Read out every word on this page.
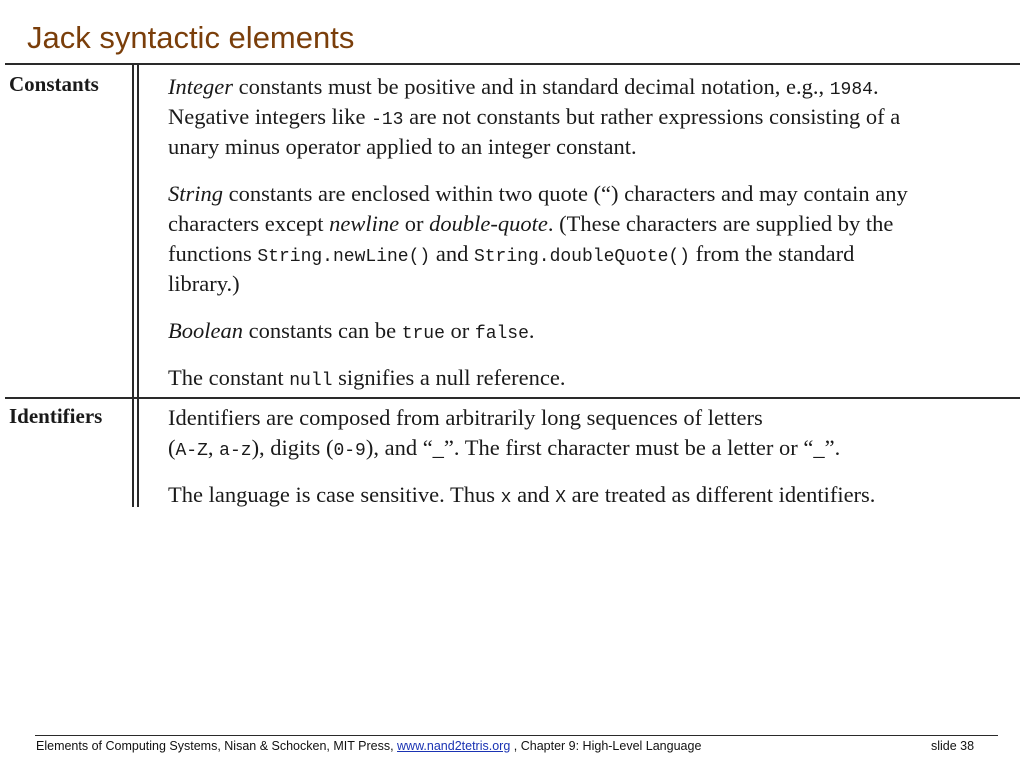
Jack syntactic elements
Constants	Integer constants must be positive and in standard decimal notation, e.g., 1984.
Negative integers like -13 are not constants but rather expressions consisting of a
unary minus operator applied to an integer constant.
String constants are enclosed within two quote (“) characters and may contain any
characters except newline or double-quote. (These characters are supplied by the
functions String.newLine() and String.doubleQuote() from the standard
library.)
Boolean constants can be true or false.
The constant null signifies a null reference.
Identifiers	Identifiers are composed from arbitrarily long sequences of letters
(A-Z, a-z), digits (0-9), and “_”. The first character must be a letter or “_”.
The language is case sensitive. Thus x and X are treated as different identifiers.
Elements of Computing Systems, Nisan & Schocken, MIT Press, www.nand2tetris.org , Chapter 9: High-Level Language	slide 38
